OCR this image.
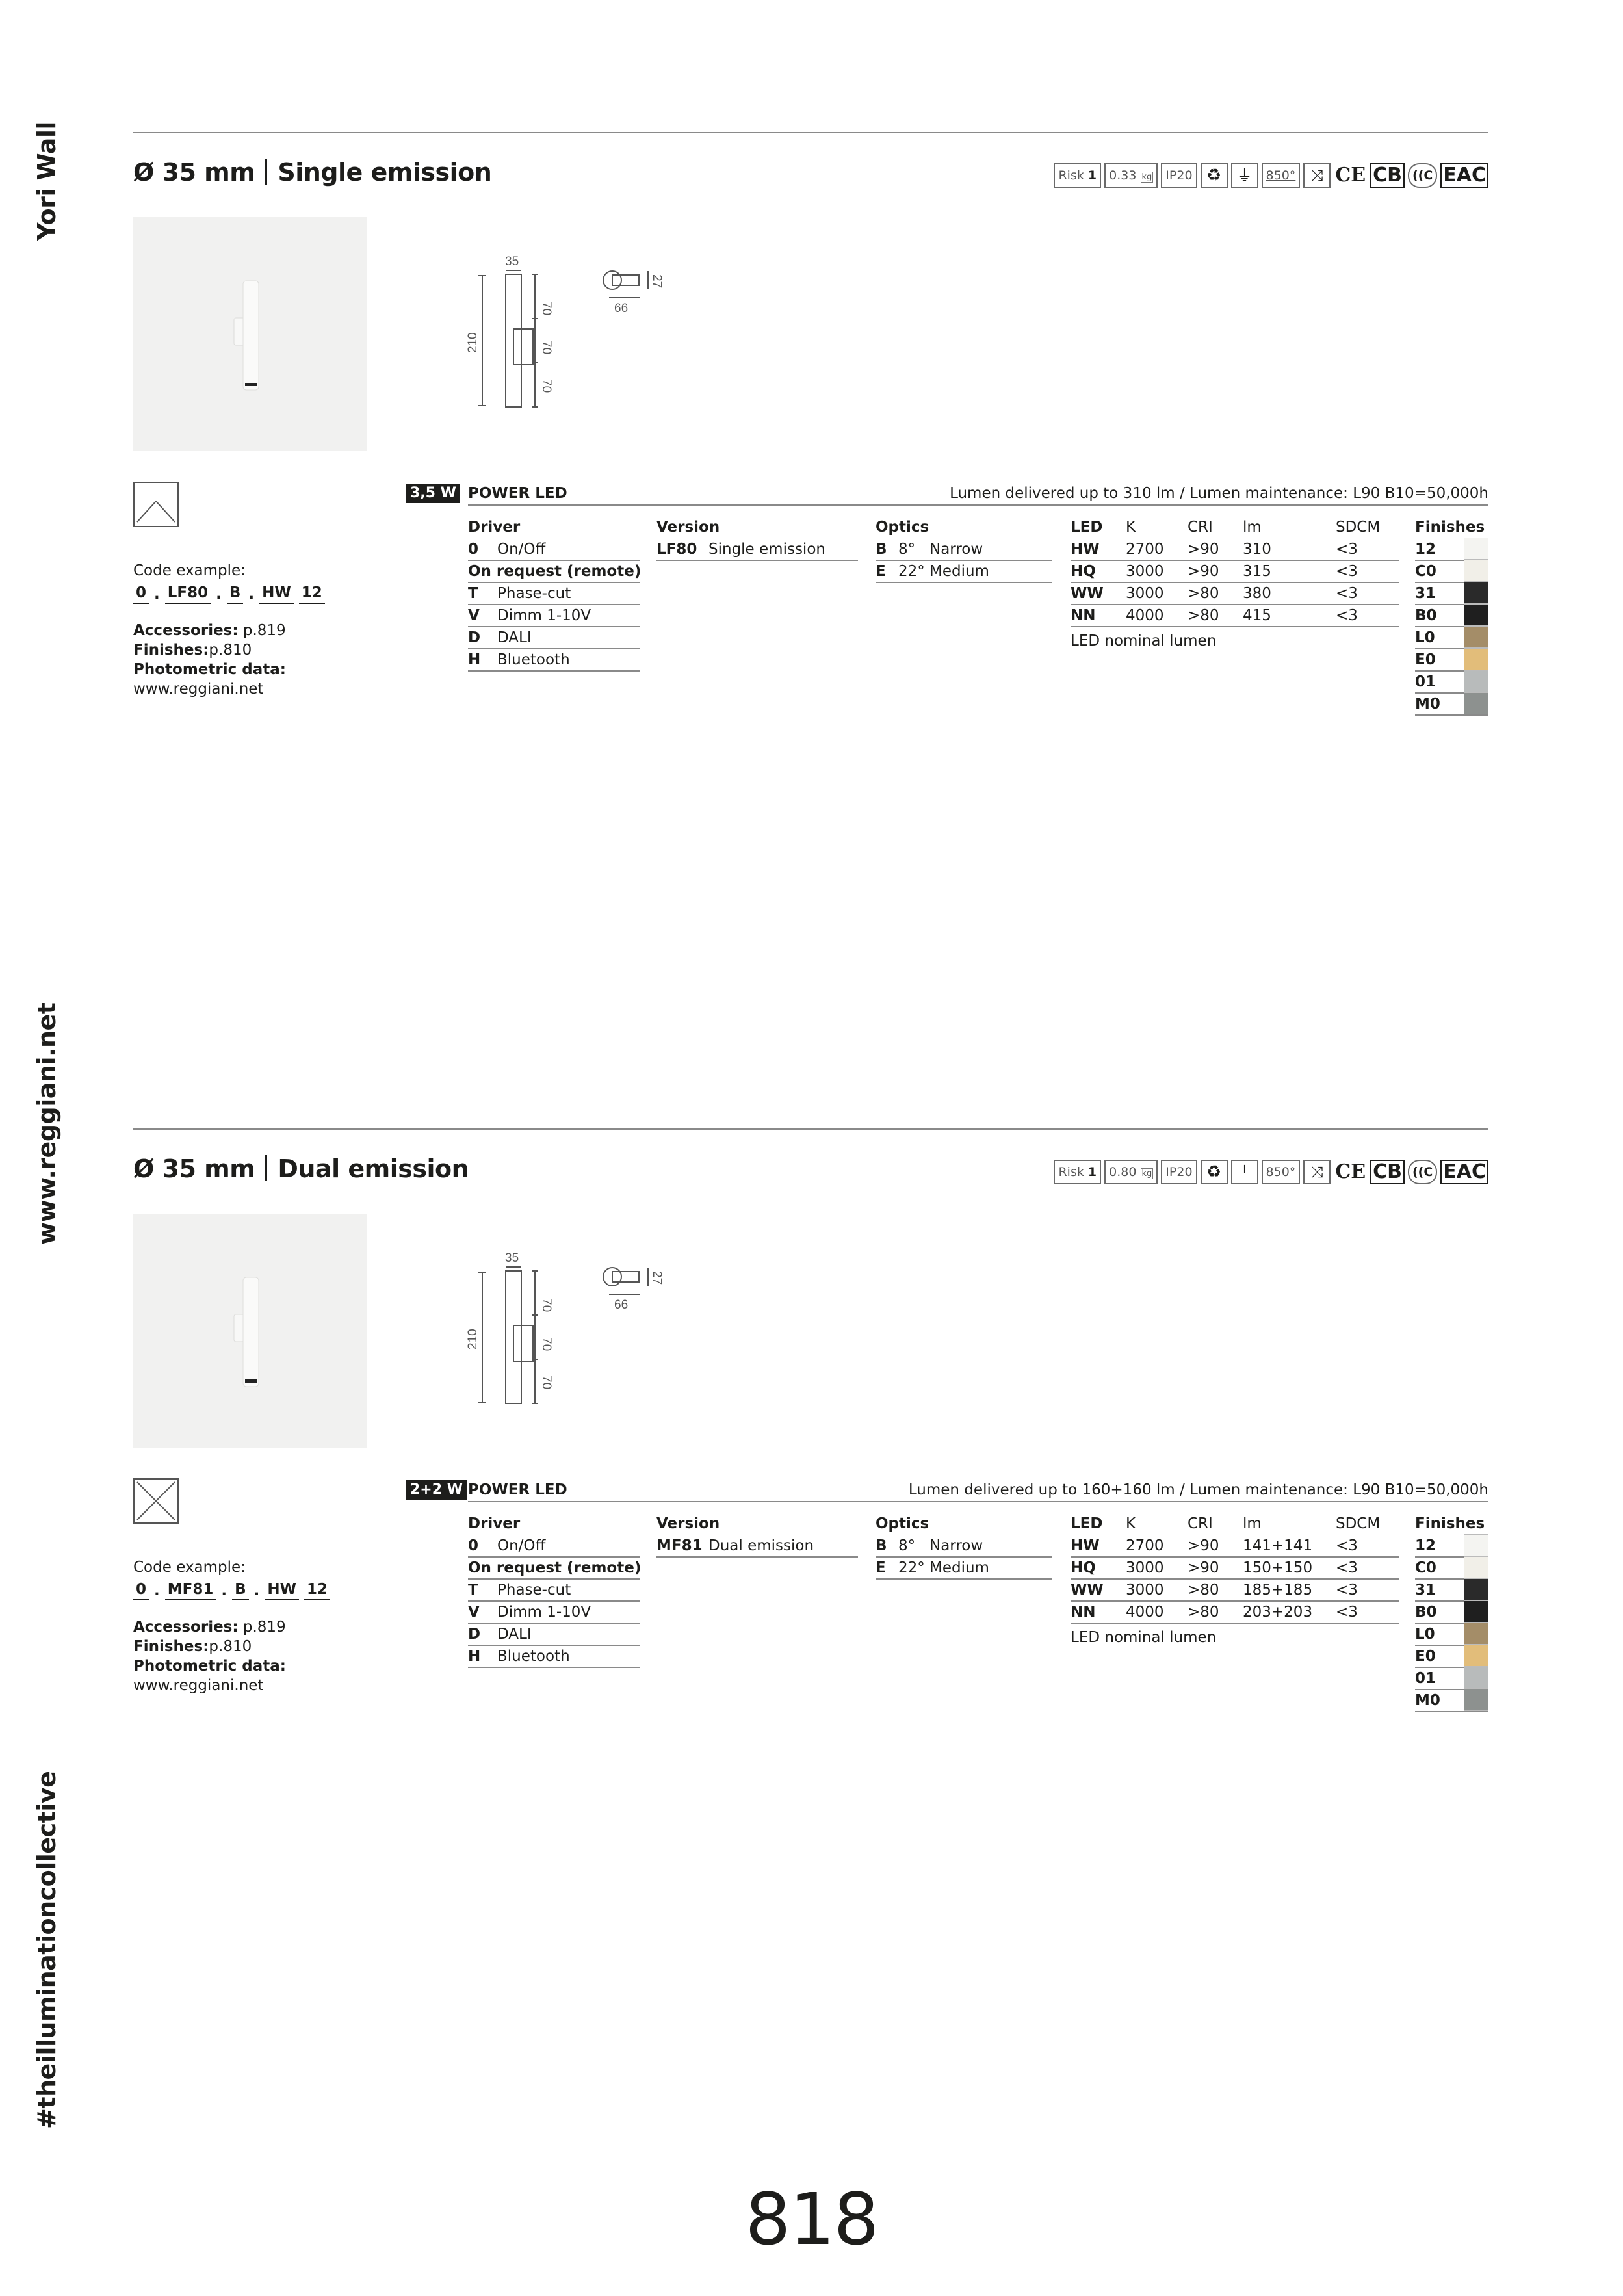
Yori Wall
www.reggiani.net
#theilluminationcollective
Ø 35 mm Single emission	Risk 1	0.33 kg	IP20 ♻ ⏚	850° ⤨ CE CB ((C EAC
35
210
70
70
70
66
27
Code example:
0 . LF80 . B . HW 12
Accessories: p.819
Finishes:p.810
Photometric data:
www.reggiani.net
3,5 W POWER LED	Lumen delivered up to 310 lm / Lumen maintenance: L90 B10=50,000h
Driver
0 On/Off
On request (remote)
T Phase-cut
V Dimm 1-10V
D DALI
H Bluetooth
Version
LF80 Single emission
Optics
B 8° Narrow
E 22° Medium
LED K	CRI lm	SDCM
HW 2700 >90 310	<3
HQ 3000 >90 315	<3
WW 3000 >80 380	<3
NN 4000 >80 415	<3
LED nominal lumen
Finishes
12
C0
31
B0
L0
E0
01
M0
Ø 35 mm Dual emission	Risk 1	0.80 kg	IP20 ♻ ⏚	850° ⤨ CE CB ((C EAC
35
210
70
70
70
66
27
Code example:
0 . MF81 . B . HW 12
Accessories: p.819
Finishes:p.810
Photometric data:
www.reggiani.net
2+2 W POWER LED	Lumen delivered up to 160+160 lm / Lumen maintenance: L90 B10=50,000h
Driver
0 On/Off
On request (remote)
T Phase-cut
V Dimm 1-10V
D DALI
H Bluetooth
Version
MF81 Dual emission
Optics
B 8° Narrow
E 22° Medium
LED K	CRI lm	SDCM
HW 2700 >90 141+141 <3
HQ 3000 >90 150+150 <3
WW 3000 >80 185+185 <3
NN 4000 >80 203+203 <3
LED nominal lumen
Finishes
12
C0
31
B0
L0
E0
01
M0
818
